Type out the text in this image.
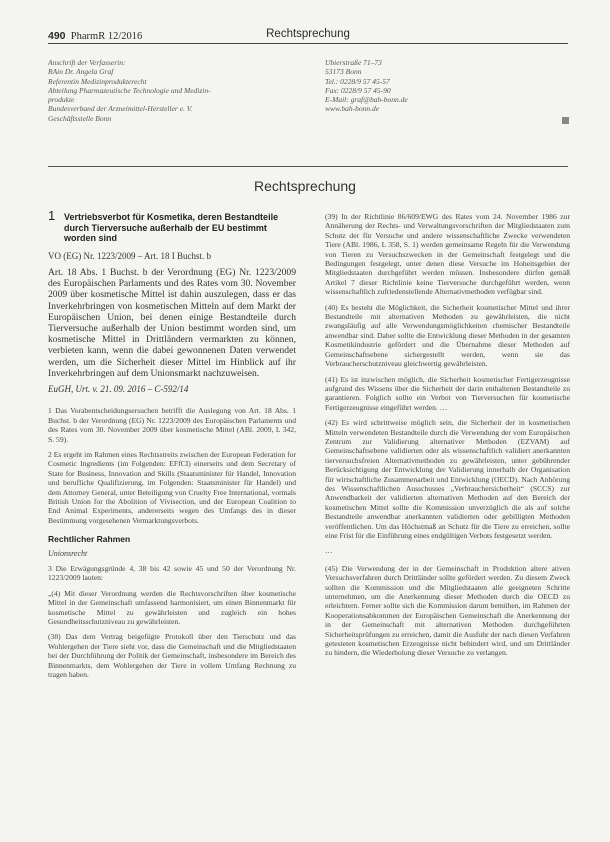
490 PharmR 12/2016	Rechtsprechung
Anschrift der Verfasserin:
RAin Dr. Angela Graf
Referentin Medizinprodukterecht
Abteilung Pharmazeutische Technologie und Medizin-
produkte
Bundesverband der Arzneimittel-Hersteller e. V.
Geschäftsstelle Bonn
Ubierstraße 71–73
53173 Bonn
Tel.: 0228/9 57 45-57
Fax: 0228/9 57 45-90
E-Mail: graf@bah-bonn.de
www.bah-bonn.de
Rechtsprechung
1 Vertriebsverbot für Kosmetika, deren Bestandteile durch Tierversuche außerhalb der EU bestimmt worden sind
VO (EG) Nr. 1223/2009 – Art. 18 I Buchst. b
Art. 18 Abs. 1 Buchst. b der Verordnung (EG) Nr. 1223/2009 des Europäischen Parlaments und des Rates vom 30. November 2009 über kosmetische Mittel ist dahin auszulegen, dass er das Inverkehrbringen von kosmetischen Mitteln auf dem Markt der Europäischen Union, bei denen einige Bestandteile durch Tierversuche außerhalb der Union bestimmt worden sind, um kosmetische Mittel in Drittländern vermarkten zu können, verbieten kann, wenn die dabei gewonnenen Daten verwendet werden, um die Sicherheit dieser Mittel im Hinblick auf ihr Inverkehrbringen auf dem Unionsmarkt nachzuweisen.
EuGH, Urt. v. 21. 09. 2016 – C-592/14

1 Das Vorabentscheidungsersuchen betrifft die Auslegung von Art. 18 Abs. 1 Buchst. b der Verordnung (EG) Nr. 1223/2009 des Europäischen Parlaments und des Rates vom 30. November 2009 über kosmetische Mittel (ABl. 2009, L 342, S. 59).

2 Es ergeht im Rahmen eines Rechtsstreits zwischen der European Federation for Cosmetic Ingredients (im Folgenden: EFfCI) einerseits und dem Secretary of State for Business, Innovation and Skills (Staatsminister für Handel, Innovation und berufliche Qualifizierung, im Folgenden: Staatsminister für Handel) und dem Attorney General, unter Beteiligung von Cruelty Free International, vormals British Union for the Abolition of Vivisection, und der European Coalition to End Animal Experiments, andererseits wegen des Umfangs des in dieser Bestimmung vorgesehenen Vermarktungsverbots.

Rechtlicher Rahmen
Unionsrecht

3 Die Erwägungsgründe 4, 38 bis 42 sowie 45 und 50 der Verordnung Nr. 1223/2009 lauten:

„(4) Mit dieser Verordnung werden die Rechtsvorschriften über kosmetische Mittel in der Gemeinschaft umfassend harmonisiert, um einen Binnenmarkt für kosmetische Mittel zu gewährleisten und zugleich ein hohes Gesundheitsschutzniveau zu gewährleisten.

(38) Das dem Vertrag beigefügte Protokoll über den Tierschutz und das Wohlergehen der Tiere sieht vor, dass die Gemeinschaft und die Mitgliedstaaten bei der Durchführung der Politik der Gemeinschaft, insbesondere im Bereich des Binnenmarkts, dem Wohlergehen der Tiere in vollem Umfang Rechnung zu tragen haben.

(39) In der Richtlinie 86/609/EWG des Rates vom 24. November 1986 zur Annäherung der Rechts- und Verwaltungsvorschriften der Mitgliedstaaten zum Schutz der für Versuche und andere wissenschaftliche Zwecke verwendeten Tiere (ABl. 1986, L 358, S. 1) werden gemeinsame Regeln für die Verwendung von Tieren zu Versuchszwecken in der Gemeinschaft festgelegt und die Bedingungen festgelegt, unter denen diese Versuche im Hoheitsgebiet der Mitgliedstaaten durchgeführt werden müssen. Insbesondere dürfen gemäß Artikel 7 dieser Richtlinie keine Tierversuche durchgeführt werden, wenn wissenschaftlich zufriedenstellende Alternativmethoden verfügbar sind.

(40) Es besteht die Möglichkeit, die Sicherheit kosmetischer Mittel und ihrer Bestandteile mit alternativen Methoden zu gewährleisten, die nicht zwangsläufig auf alle Verwendungsmöglichkeiten chemischer Bestandteile anwendbar sind. Daher sollte die Entwicklung dieser Methoden in der gesamten Kosmetikindustrie gefördert und die Übernahme dieser Methoden auf Gemeinschaftsebene sichergestellt werden, wenn sie das Verbraucherschutzniveau gleichwertig gewährleisten.

(41) Es ist inzwischen möglich, die Sicherheit kosmetischer Fertigerzeugnisse aufgrund des Wissens über die Sicherheit der darin enthaltenen Bestandteile zu garantieren. Folglich sollte ein Verbot von Tierversuchen für kosmetische Fertigerzeugnisse eingeführt werden. …

(42) Es wird schrittweise möglich sein, die Sicherheit der in kosmetischen Mitteln verwendeten Bestandteile durch die Verwendung der vom Europäischen Zentrum zur Validierung alternativer Methoden (EZVAM) auf Gemeinschaftsebene validierten oder als wissenschaftlich validiert anerkannten tierversuchsfreien Alternativmethoden zu gewährleisten, unter gebührender Berücksichtigung der Entwicklung der Validierung innerhalb der Organisation für wirtschaftliche Zusammenarbeit und Entwicklung (OECD). Nach Anhörung des Wissenschaftlichen Ausschusses „Verbrauchersicherheit“ (SCCS) zur Anwendbarkeit der validierten alternativen Methoden auf den Bereich der kosmetischen Mittel sollte die Kommission unverzüglich die als auf solche Bestandteile anwendbar anerkannten validierten oder gebilligten Methoden veröffentlichen. Um das Höchstmaß an Schutz für die Tiere zu erreichen, sollte eine Frist für die Einführung eines endgültigen Verbots festgesetzt werden.

…

(45) Die Verwendung der in der Gemeinschaft in Produktion altere ativen Versuchsverfahren durch Drittländer sollte gefördert werden. Zu diesem Zweck sollten die Kommission und die Mitgliedstaaten alle geeigneten Schritte unternehmen, um die Anerkennung dieser Methoden durch die OECD zu erleichtern. Ferner sollte sich die Kommission darum bemühen, im Rahmen der Kooperationsabkommen der Europäischen Gemeinschaft die Anerkennung der in der Gemeinschaft mit alternativen Methoden durchgeführten Sicherheitsprüfungen zu erreichen, damit die Ausfuhr der nach diesen Verfahren getesteten kosmetischen Erzeugnisse nicht behindert wird, und um Drittländer zu hindern, die Wiederholung dieser Versuche zu verlangen.
